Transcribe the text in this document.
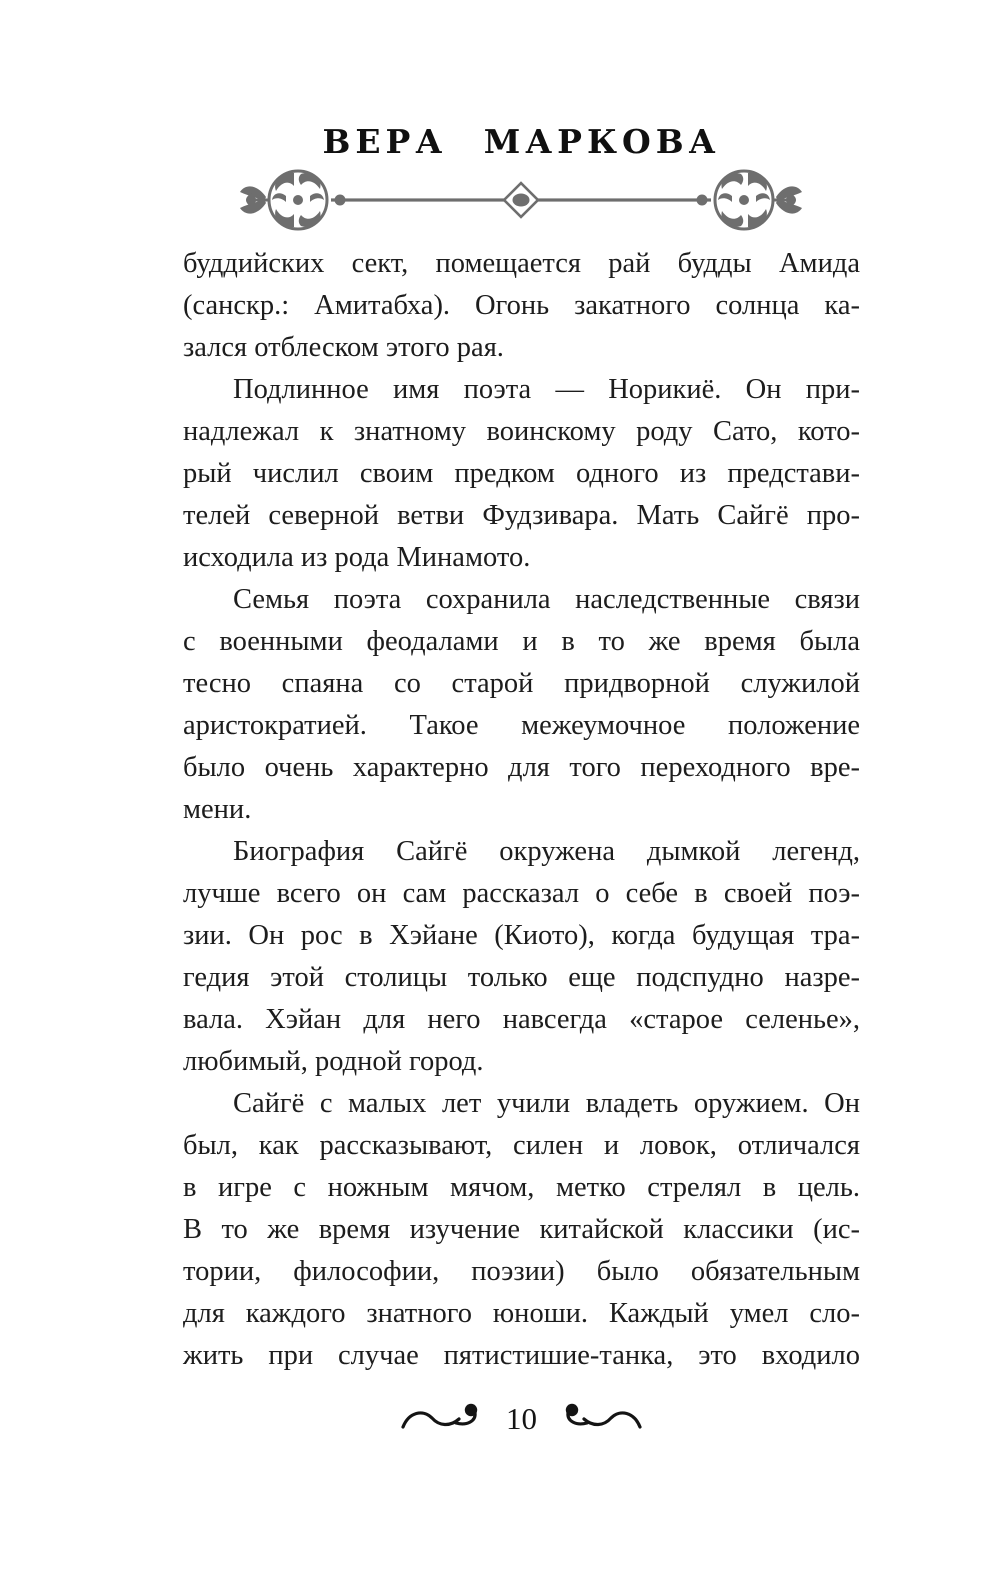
ВЕРА МАРКОВА
буддийских сект, помещается рай будды Амида
(санскр.: Амитабха). Огонь закатного солнца ка-
зался отблеском этого рая.
Подлинное имя поэта — Норикиё. Он при-
надлежал к знатному воинскому роду Сато, кото-
рый числил своим предком одного из представи-
телей северной ветви Фудзивара. Мать Сайгё про-
исходила из рода Минамото.
Семья поэта сохранила наследственные связи
с военными феодалами и в то же время была
тесно спаяна со старой придворной служилой
аристократией. Такое межеумочное положение
было очень характерно для того переходного вре-
мени.
Биография Сайгё окружена дымкой легенд,
лучше всего он сам рассказал о себе в своей поэ-
зии. Он рос в Хэйане (Киото), когда будущая тра-
гедия этой столицы только еще подспудно назре-
вала. Хэйан для него навсегда «старое селенье»,
любимый, родной город.
Сайгё с малых лет учили владеть оружием. Он
был, как рассказывают, силен и ловок, отличался
в игре с ножным мячом, метко стрелял в цель.
В то же время изучение китайской классики (ис-
тории, философии, поэзии) было обязательным
для каждого знатного юноши. Каждый умел сло-
жить при случае пятистишие-танка, это входило
10
